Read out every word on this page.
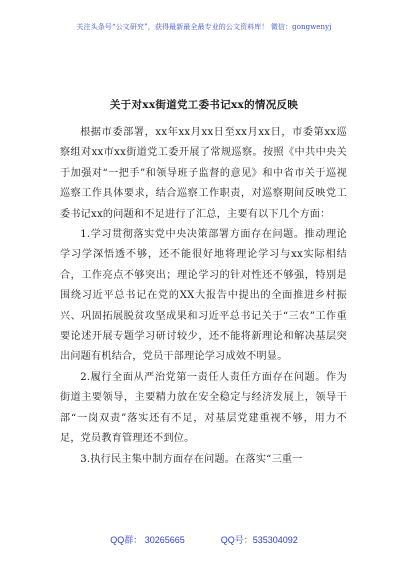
关注头条号“公文研究”，获得最新最全最专业的公文资料库！ 微信：gongwenyj
关于对xx街道党工委书记xx的情况反映

根据市委部署，xx年xx月xx日至xx月xx日，市委第xx巡察组对xx市xx街道党工委开展了常规巡察。按照《中共中央关于加强对“一把手”和领导班子监督的意见》和中省市关于巡视巡察工作具体要求，结合巡察工作职责，对巡察期间反映党工委书记xx的问题和不足进行了汇总，主要有以下几个方面：

1.学习贯彻落实党中央决策部署方面存在问题。推动理论学习学深悟透不够，还不能很好地将理论学习与xx实际相结合，工作亮点不够突出；理论学习的针对性还不够强，特别是围绕习近平总书记在党的XX大报告中提出的全面推进乡村振兴、巩固拓展脱贫攻坚成果和习近平总书记关于“三农”工作重要论述开展专题学习研讨较少，还不能将新理论和解决基层突出问题有机结合，党员干部理论学习成效不明显。

2.履行全面从严治党第一责任人责任方面存在问题。作为街道主要领导，主要精力放在安全稳定与经济发展上，领导干部“一岗双责”落实还有不足，对基层党建重视不够，用力不足，党员教育管理还不到位。

3.执行民主集中制方面存在问题。在落实“三重一

QQ群： 30265665	QQ号：535304092
